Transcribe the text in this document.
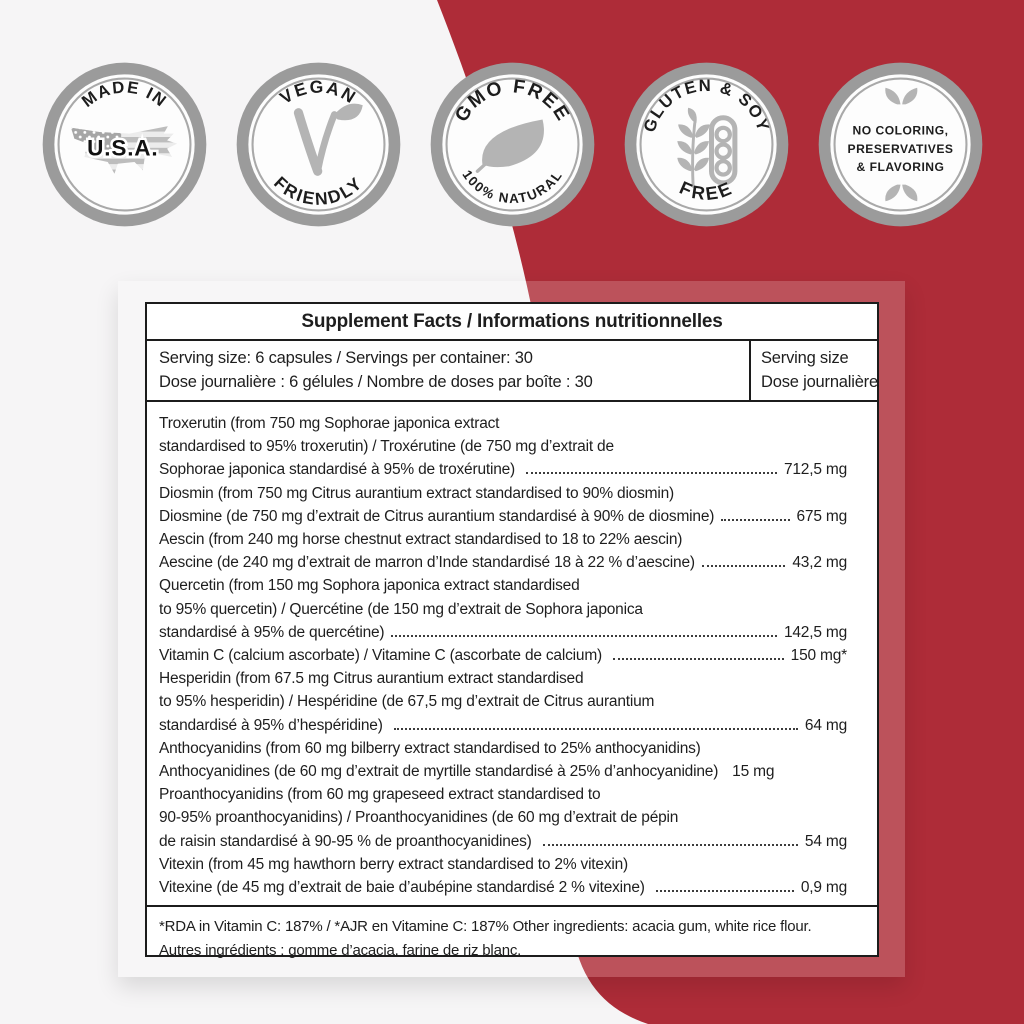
MADE IN
U.S.A.
VEGAN
FRIENDLY
GMO FREE
100% NATURAL
GLUTEN & SOY
FREE
NO COLORING,
PRESERVATIVES
& FLAVORING
Supplement Facts / Informations nutritionnelles
Serving size: 6 capsules / Servings per container: 30
Dose journalière : 6 gélules / Nombre de doses par boîte : 30
Serving size
Dose journalière
Troxerutin (from 750 mg Sophorae japonica extract
standardised to 95% troxerutin) / Troxérutine (de 750 mg d’extrait de
Sophorae japonica standardisé à 95% de troxérutine)	712,5 mg
Diosmin (from 750 mg Citrus aurantium extract standardised to 90% diosmin)
Diosmine (de 750 mg d’extrait de Citrus aurantium standardisé à 90% de diosmine)	675 mg
Aescin (from 240 mg horse chestnut extract standardised to 18 to 22% aescin)
Aescine (de 240 mg d’extrait de marron d’Inde standardisé 18 à 22 % d’aescine)	43,2 mg
Quercetin (from 150 mg Sophora japonica extract standardised
to 95% quercetin) / Quercétine (de 150 mg d’extrait de Sophora japonica
standardisé à 95% de quercétine)	142,5 mg
Vitamin C (calcium ascorbate) / Vitamine C (ascorbate de calcium)	150 mg*
Hesperidin (from 67.5 mg Citrus aurantium extract standardised
to 95% hesperidin) / Hespéridine (de 67,5 mg d’extrait de Citrus aurantium
standardisé à 95% d’hespéridine)	64 mg
Anthocyanidins (from 60 mg bilberry extract standardised to 25% anthocyanidins)
Anthocyanidines (de 60 mg d’extrait de myrtille standardisé à 25% d’anhocyanidine) 15 mg
Proanthocyanidins (from 60 mg grapeseed extract standardised to
90-95% proanthocyanidins) / Proanthocyanidines (de 60 mg d’extrait de pépin
de raisin standardisé à 90-95 % de proanthocyanidines)	54 mg
Vitexin (from 45 mg hawthorn berry extract standardised to 2% vitexin)
Vitexine (de 45 mg d’extrait de baie d’aubépine standardisé 2 % vitexine)	0,9 mg
*RDA in Vitamin C: 187% / *AJR en Vitamine C: 187% Other ingredients: acacia gum, white rice flour.
Autres ingrédients : gomme d’acacia, farine de riz blanc.
